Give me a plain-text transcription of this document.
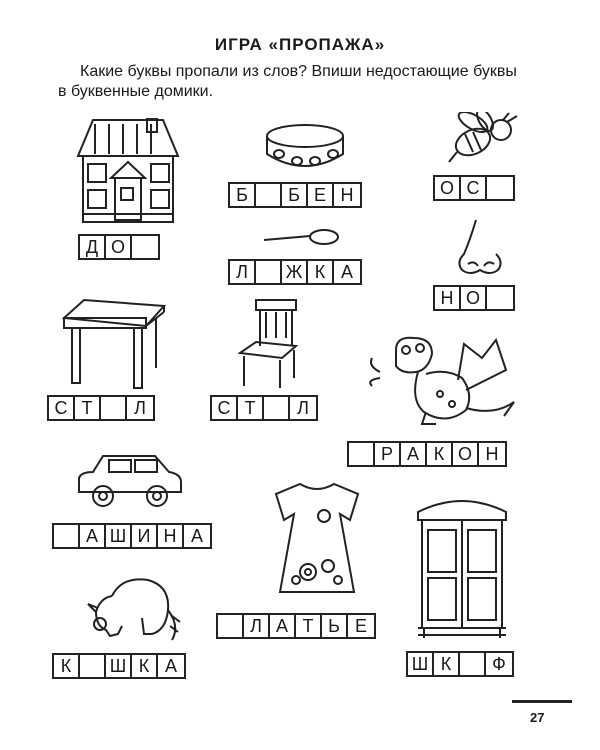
ИГРА «ПРОПАЖА»
Какие буквы пропали из слов? Впиши недостающие буквы
в буквенные домики.
Д О
Б	Б Е Н	О С
Л	Ж К А
Н О
С Т	Л	С Т	Л
Р А К О Н
А Ш И Н А
Л А Т Ь Е
К	Ш К А	Ш К	Ф
27
